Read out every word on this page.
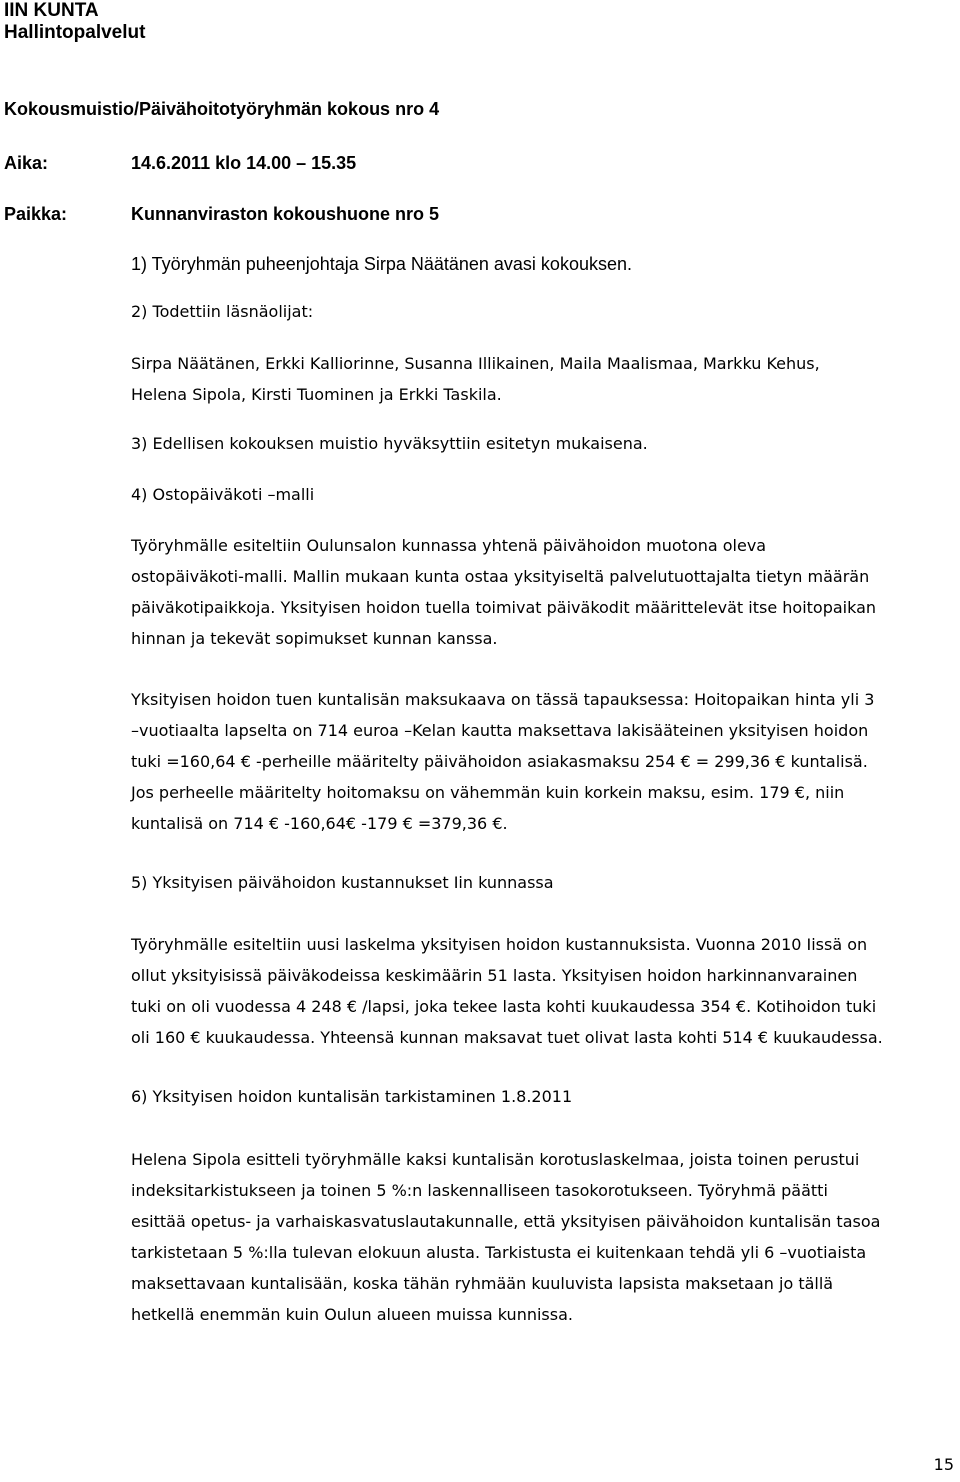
IIN KUNTA
Hallintopalvelut
Kokousmuistio/Päivähoitotyöryhmän kokous nro 4
Aika:	14.6.2011 klo 14.00 – 15.35
Paikka:	Kunnanviraston kokoushuone nro 5
1) Työryhmän puheenjohtaja Sirpa Näätänen avasi kokouksen.
2) Todettiin läsnäolijat:
Sirpa Näätänen, Erkki Kalliorinne, Susanna Illikainen, Maila Maalismaa, Markku Kehus,
Helena Sipola, Kirsti Tuominen ja Erkki Taskila.
3) Edellisen kokouksen muistio hyväksyttiin esitetyn mukaisena.
4) Ostopäiväkoti –malli
Työryhmälle esiteltiin Oulunsalon kunnassa yhtenä päivähoidon muotona oleva
ostopäiväkoti-malli. Mallin mukaan kunta ostaa yksityiseltä palvelutuottajalta tietyn määrän
päiväkotipaikkoja. Yksityisen hoidon tuella toimivat päiväkodit määrittelevät itse hoitopaikan
hinnan ja tekevät sopimukset kunnan kanssa.
Yksityisen hoidon tuen kuntalisän maksukaava on tässä tapauksessa: Hoitopaikan hinta yli 3
–vuotiaalta lapselta on 714 euroa –Kelan kautta maksettava lakisääteinen yksityisen hoidon
tuki =160,64 € -perheille määritelty päivähoidon asiakasmaksu 254 € = 299,36 € kuntalisä.
Jos perheelle määritelty hoitomaksu on vähemmän kuin korkein maksu, esim. 179 €, niin
kuntalisä on 714 € -160,64€ -179 € =379,36 €.
5) Yksityisen päivähoidon kustannukset Iin kunnassa
Työryhmälle esiteltiin uusi laskelma yksityisen hoidon kustannuksista. Vuonna 2010 Iissä on
ollut yksityisissä päiväkodeissa keskimäärin 51 lasta. Yksityisen hoidon harkinnanvarainen
tuki on oli vuodessa 4 248 € /lapsi, joka tekee lasta kohti kuukaudessa 354 €. Kotihoidon tuki
oli 160 € kuukaudessa. Yhteensä kunnan maksavat tuet olivat lasta kohti 514 € kuukaudessa.
6) Yksityisen hoidon kuntalisän tarkistaminen 1.8.2011
Helena Sipola esitteli työryhmälle kaksi kuntalisän korotuslaskelmaa, joista toinen perustui
indeksitarkistukseen ja toinen 5 %:n laskennalliseen tasokorotukseen. Työryhmä päätti
esittää opetus- ja varhaiskasvatuslautakunnalle, että yksityisen päivähoidon kuntalisän tasoa
tarkistetaan 5 %:lla tulevan elokuun alusta. Tarkistusta ei kuitenkaan tehdä yli 6 –vuotiaista
maksettavaan kuntalisään, koska tähän ryhmään kuuluvista lapsista maksetaan jo tällä
hetkellä enemmän kuin Oulun alueen muissa kunnissa.
15
